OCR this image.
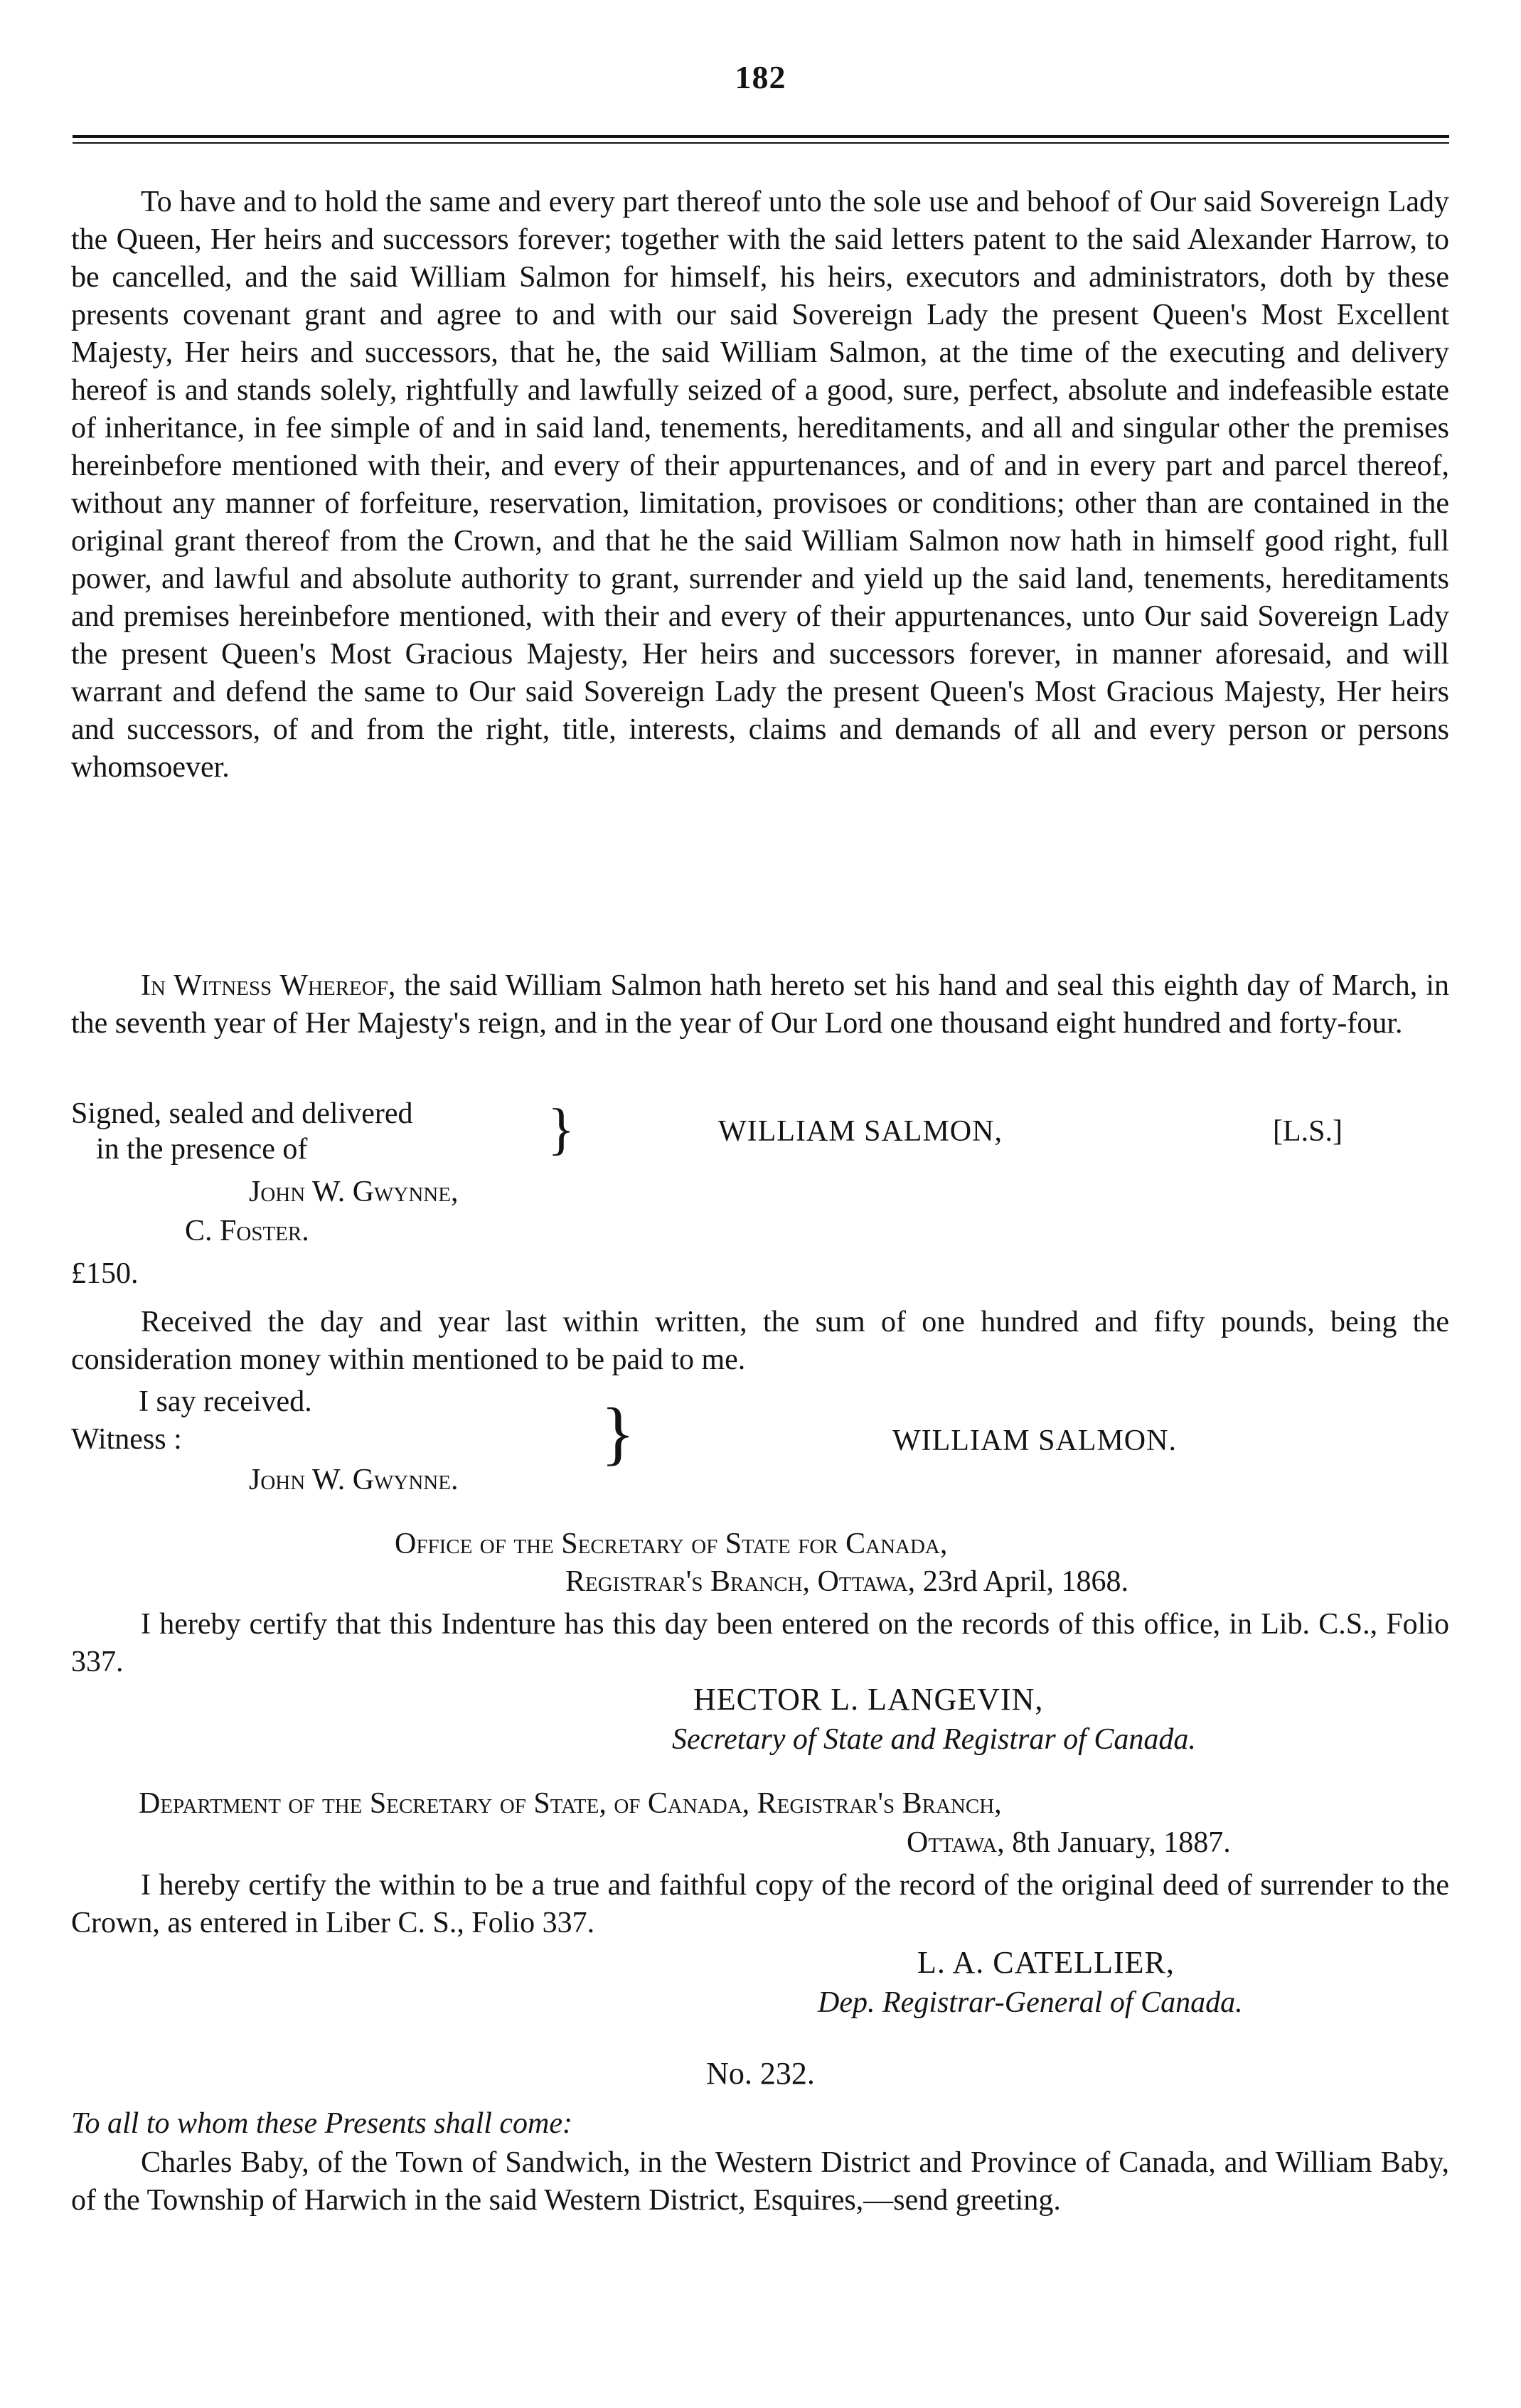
182

To have and to hold the same and every part thereof unto the sole use and behoof of Our said Sovereign Lady the Queen, Her heirs and successors forever; together with the said letters patent to the said Alexander Harrow, to be cancelled, and the said William Salmon for himself, his heirs, executors and administrators, doth by these presents covenant grant and agree to and with our said Sovereign Lady the present Queen's Most Excellent Majesty, Her heirs and successors, that he, the said William Salmon, at the time of the executing and delivery hereof is and stands solely, rightfully and lawfully seized of a good, sure, perfect, absolute and indefeasible estate of inheritance, in fee simple of and in said land, tenements, hereditaments, and all and singular other the premises hereinbefore mentioned with their, and every of their appurtenances, and of and in every part and parcel thereof, without any manner of forfeiture, reservation, limitation, provisoes or conditions; other than are contained in the original grant thereof from the Crown, and that he the said William Salmon now hath in himself good right, full power, and lawful and absolute authority to grant, surrender and yield up the said land, tenements, hereditaments and premises hereinbefore mentioned, with their and every of their appurtenances, unto Our said Sovereign Lady the present Queen's Most Gracious Majesty, Her heirs and successors forever, in manner aforesaid, and will warrant and defend the same to Our said Sovereign Lady the present Queen's Most Gracious Majesty, Her heirs and successors, of and from the right, title, interests, claims and demands of all and every person or persons whomsoever.

In Witness Whereof, the said William Salmon hath hereto set his hand and seal this eighth day of March, in the seventh year of Her Majesty's reign, and in the year of Our Lord one thousand eight hundred and forty-four.

Signed, sealed and delivered
in the presence of	}	WILLIAM SALMON,	[L.S.]
John W. Gwynne,
C. Foster.
£150.

Received the day and year last within written, the sum of one hundred and fifty pounds, being the consideration money within mentioned to be paid to me.

I say received.
Witness :	}	WILLIAM SALMON.
John W. Gwynne.
Office of the Secretary of State for Canada,
Registrar's Branch, Ottawa, 23rd April, 1868.

I hereby certify that this Indenture has this day been entered on the records of this office, in Lib. C.S., Folio 337.

HECTOR L. LANGEVIN,
Secretary of State and Registrar of Canada.
Department of the Secretary of State, of Canada, Registrar's Branch,
Ottawa, 8th January, 1887.

I hereby certify the within to be a true and faithful copy of the record of the original deed of surrender to the Crown, as entered in Liber C. S., Folio 337.

L. A. CATELLIER,
Dep. Registrar-General of Canada.
No. 232.
To all to whom these Presents shall come:

Charles Baby, of the Town of Sandwich, in the Western District and Province of Canada, and William Baby, of the Township of Harwich in the said Western District, Esquires,—send greeting.
